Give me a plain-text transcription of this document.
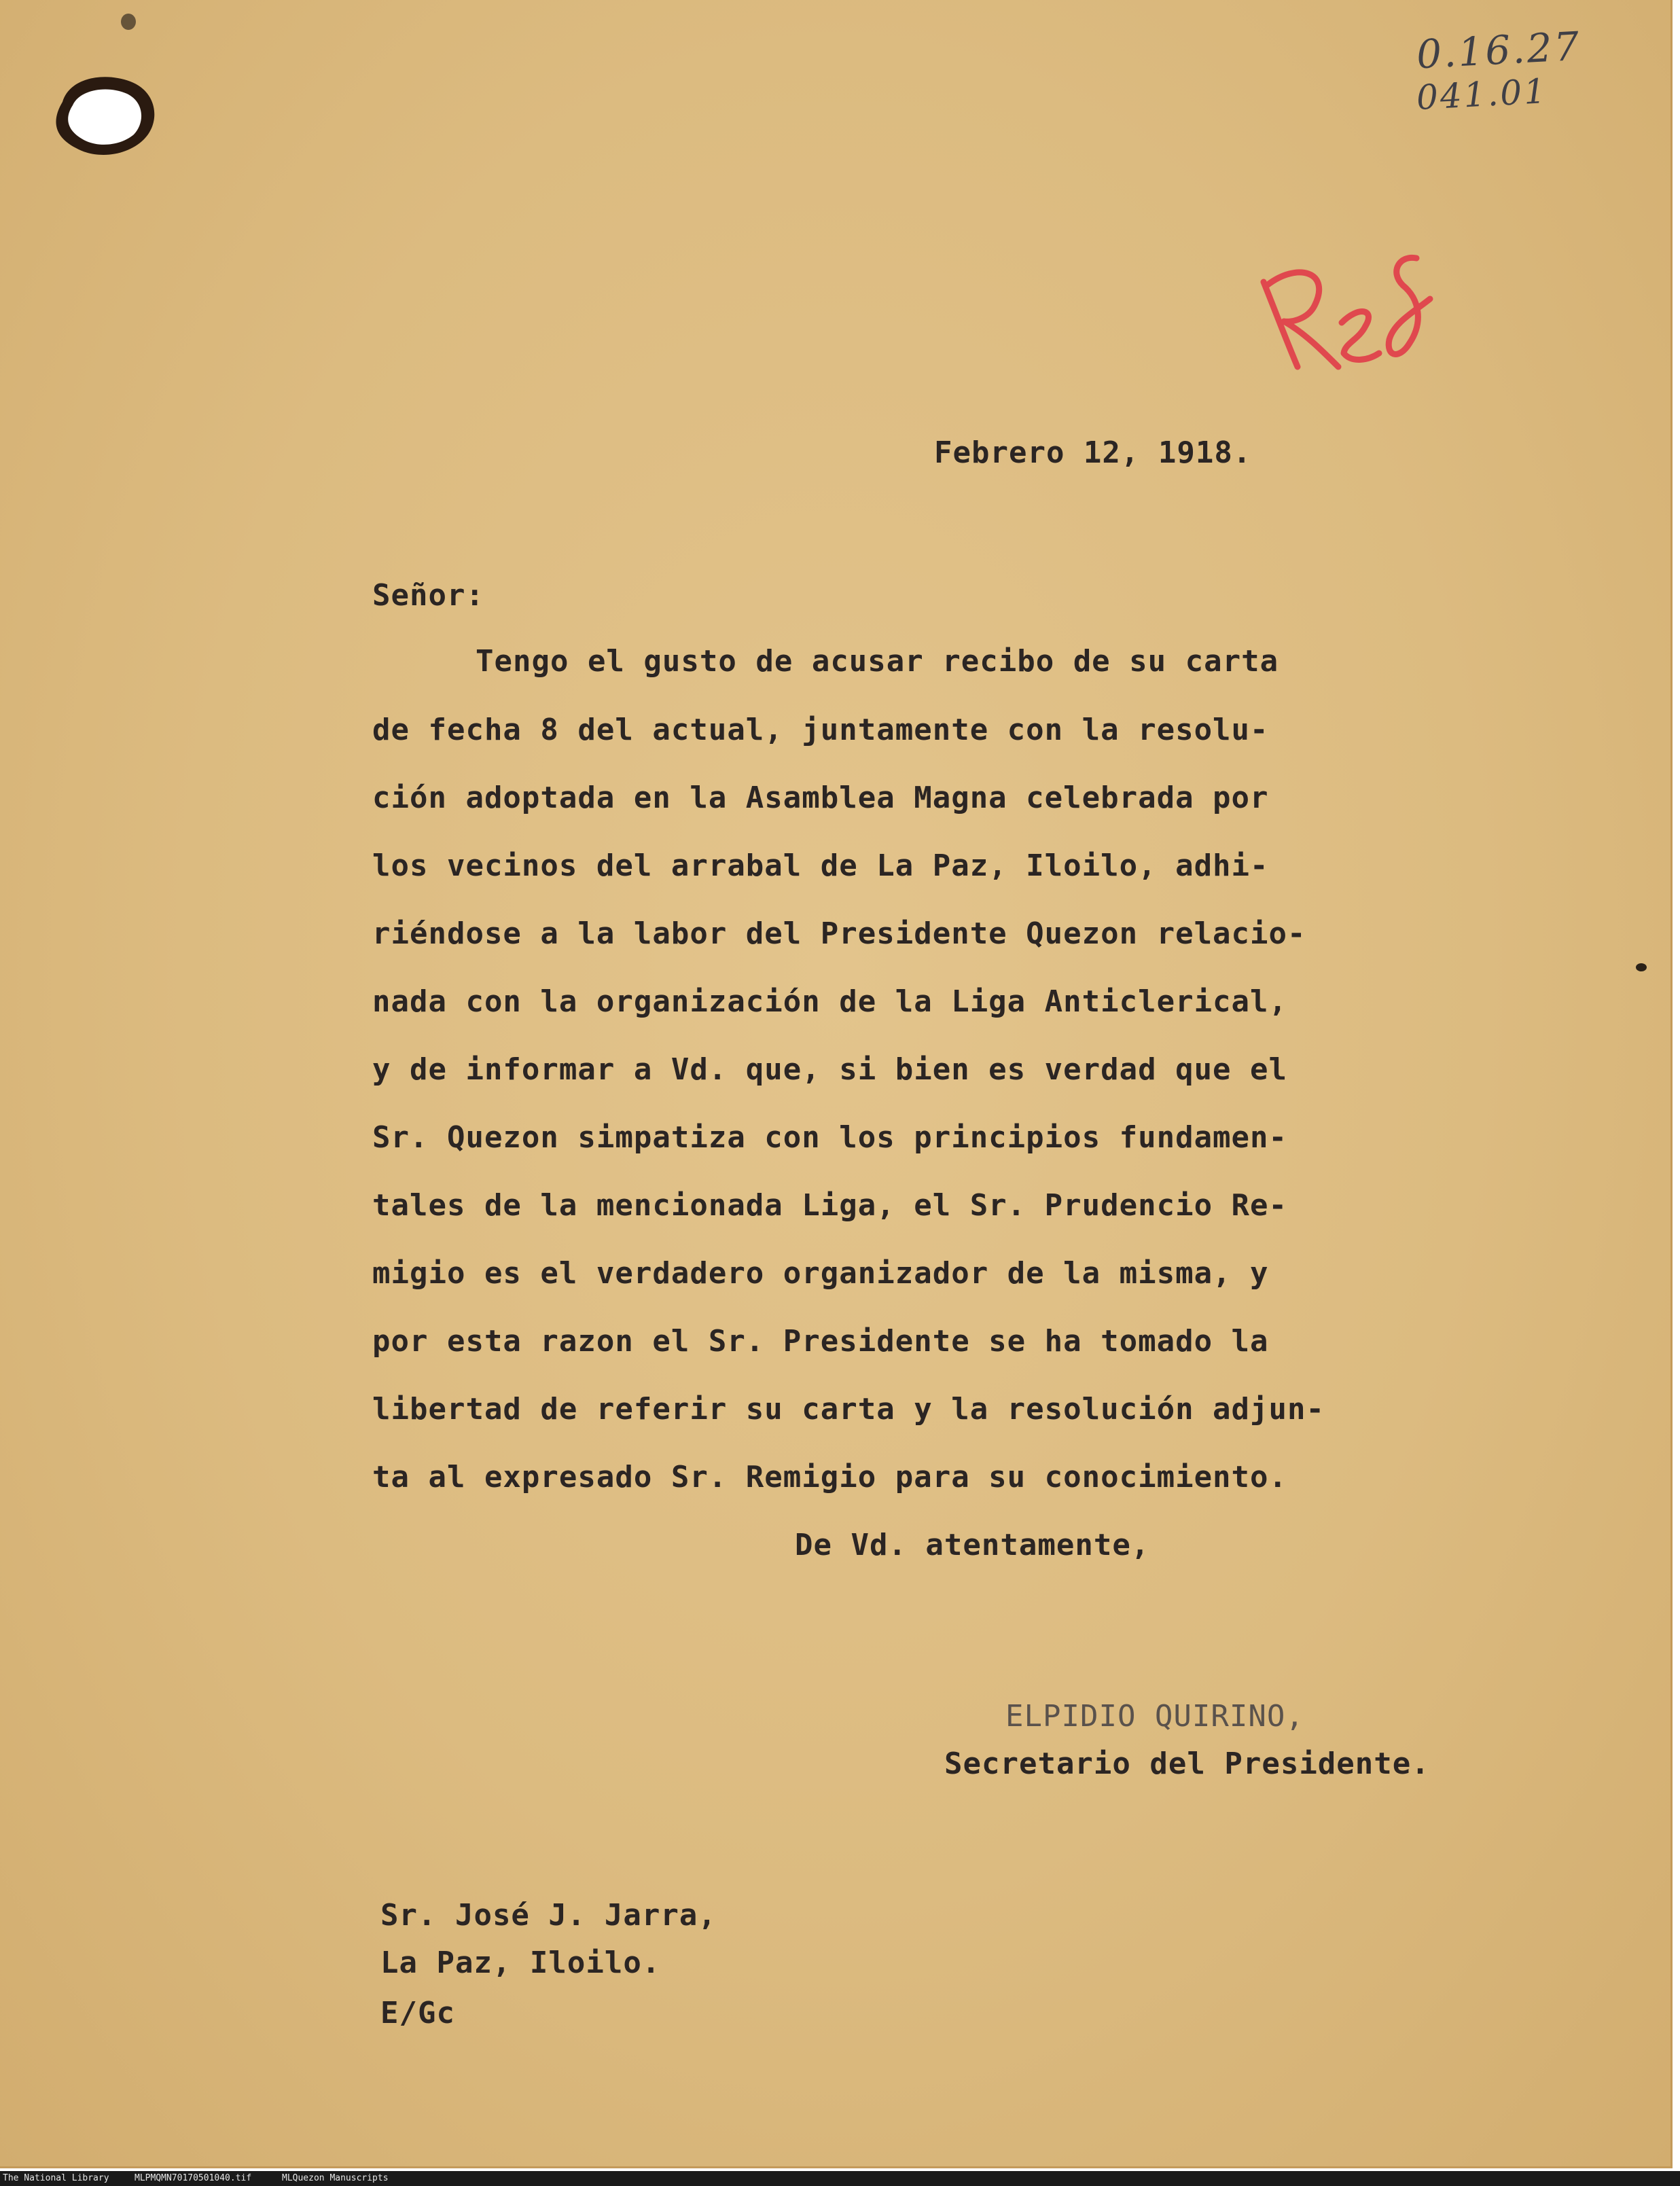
0.16.27
041.01
Febrero 12, 1918.
Señor:
Tengo el gusto de acusar recibo de su carta
de fecha 8 del actual, juntamente con la resolu-
ción adoptada en la Asamblea Magna celebrada por
los vecinos del arrabal de La Paz, Iloilo, adhi-
riéndose a la labor del Presidente Quezon relacio-
nada con la organización de la Liga Anticlerical,
y de informar a Vd. que, si bien es verdad que el
Sr. Quezon simpatiza con los principios fundamen-
tales de la mencionada Liga, el Sr. Prudencio Re-
migio es el verdadero organizador de la misma, y
por esta razon el Sr. Presidente se ha tomado la
libertad de referir su carta y la resolución adjun-
ta al expresado Sr. Remigio para su conocimiento.
De Vd. atentamente,
ELPIDIO QUIRINO,
Secretario del Presidente.
Sr. José J. Jarra,
La Paz, Iloilo.
E/Gc

The National Library

	MLPMQMN70170501040.tif

	MLQuezon Manuscripts
